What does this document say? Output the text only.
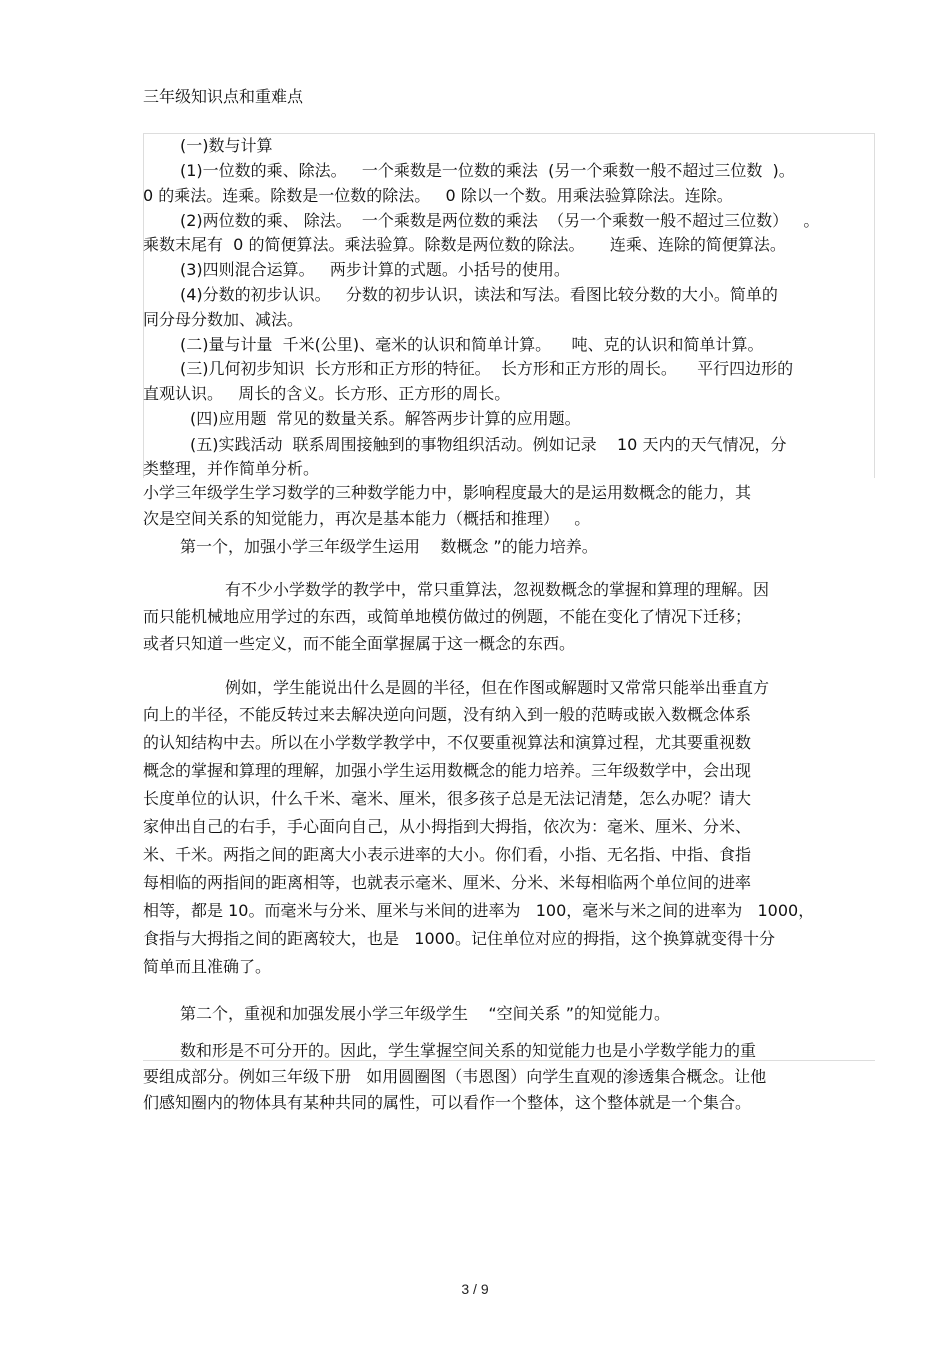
三年级知识点和重难点
(一)数与计算
(1)一位数的乘、除法。   一个乘数是一位数的乘法  (另一个乘数一般不超过三位数  )。
0 的乘法。连乘。除数是一位数的除法。   0 除以一个数。用乘法验算除法。连除。
(2)两位数的乘、 除法。  一个乘数是两位数的乘法  （另一个乘数一般不超过三位数）   。
乘数末尾有  0 的简便算法。乘法验算。除数是两位数的除法。     连乘、连除的简便算法。
(3)四则混合运算。   两步计算的式题。小括号的使用。
(4)分数的初步认识。   分数的初步认识，读法和写法。看图比较分数的大小。简单的
同分母分数加、减法。
(二)量与计量  千米(公里)、毫米的认识和简单计算。    吨、克的认识和简单计算。
(三)几何初步知识  长方形和正方形的特征。  长方形和正方形的周长。    平行四边形的
直观认识。   周长的含义。长方形、正方形的周长。
(四)应用题  常见的数量关系。解答两步计算的应用题。
(五)实践活动  联系周围接触到的事物组织活动。例如记录    10 天内的天气情况，分
类整理，并作简单分析。
小学三年级学生学习数学的三种数学能力中，影响程度最大的是运用数概念的能力，其
次是空间关系的知觉能力，再次是基本能力（概括和推理）   。
第一个，加强小学三年级学生运用    数概念 ”的能力培养。
有不少小学数学的教学中，常只重算法，忽视数概念的掌握和算理的理解。因
而只能机械地应用学过的东西，或简单地模仿做过的例题，不能在变化了情况下迁移；
或者只知道一些定义，而不能全面掌握属于这一概念的东西。
例如，学生能说出什么是圆的半径，但在作图或解题时又常常只能举出垂直方
向上的半径，不能反转过来去解决逆向问题，没有纳入到一般的范畴或嵌入数概念体系
的认知结构中去。所以在小学数学教学中，不仅要重视算法和演算过程，尤其要重视数
概念的掌握和算理的理解，加强小学生运用数概念的能力培养。三年级数学中，会出现
长度单位的认识，什么千米、毫米、厘米，很多孩子总是无法记清楚，怎么办呢？请大
家伸出自己的右手，手心面向自己，从小拇指到大拇指，依次为：毫米、厘米、分米、
米、千米。两指之间的距离大小表示进率的大小。你们看，小指、无名指、中指、食指
每相临的两指间的距离相等，也就表示毫米、厘米、分米、米每相临两个单位间的进率
相等，都是 10。而毫米与分米、厘米与米间的进率为   100，毫米与米之间的进率为   1000，
食指与大拇指之间的距离较大，也是   1000。记住单位对应的拇指，这个换算就变得十分
简单而且准确了。
第二个，重视和加强发展小学三年级学生    “空间关系 ”的知觉能力。
数和形是不可分开的。因此，学生掌握空间关系的知觉能力也是小学数学能力的重
要组成部分。例如三年级下册   如用圆圈图（韦恩图）向学生直观的渗透集合概念。让他
们感知圈内的物体具有某种共同的属性，可以看作一个整体，这个整体就是一个集合。
3 / 9
